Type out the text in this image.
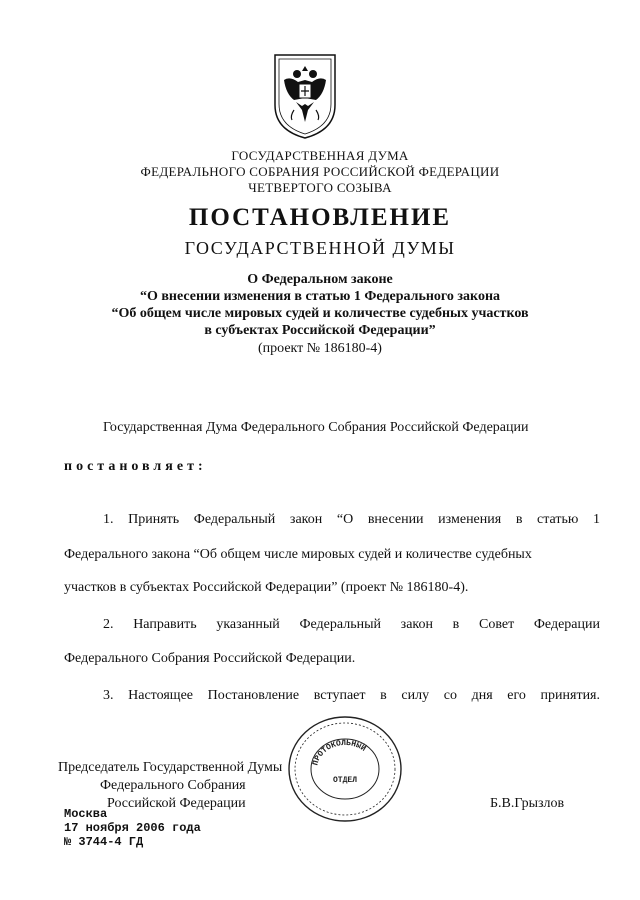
ГОСУДАРСТВЕННАЯ ДУМА
ФЕДЕРАЛЬНОГО СОБРАНИЯ РОССИЙСКОЙ ФЕДЕРАЦИИ
ЧЕТВЕРТОГО СОЗЫВА
ПОСТАНОВЛЕНИЕ
ГОСУДАРСТВЕННОЙ ДУМЫ
О Федеральном законе
“О внесении изменения в статью 1 Федерального закона
“Об общем числе мировых судей и количестве судебных участков
в субъектах Российской Федерации”
(проект № 186180-4)
Государственная Дума Федерального Собрания Российской Федерации
постановляет:
1. Принять Федеральный закон “О внесении изменения в статью 1
Федерального закона “Об общем числе мировых судей и количестве судебных
участков в субъектах Российской Федерации” (проект № 186180-4).
2. Направить указанный Федеральный закон в Совет Федерации
Федерального Собрания Российской Федерации.
3. Настоящее Постановление вступает в силу со дня его принятия.
Председатель Государственной Думы
Федерального Собрания
Российской Федерации	Б.В.Грызлов
ПРОТОКОЛЬНЫЙ
ОТДЕЛ
Москва
17 ноября 2006 года
№ 3744-4 ГД
